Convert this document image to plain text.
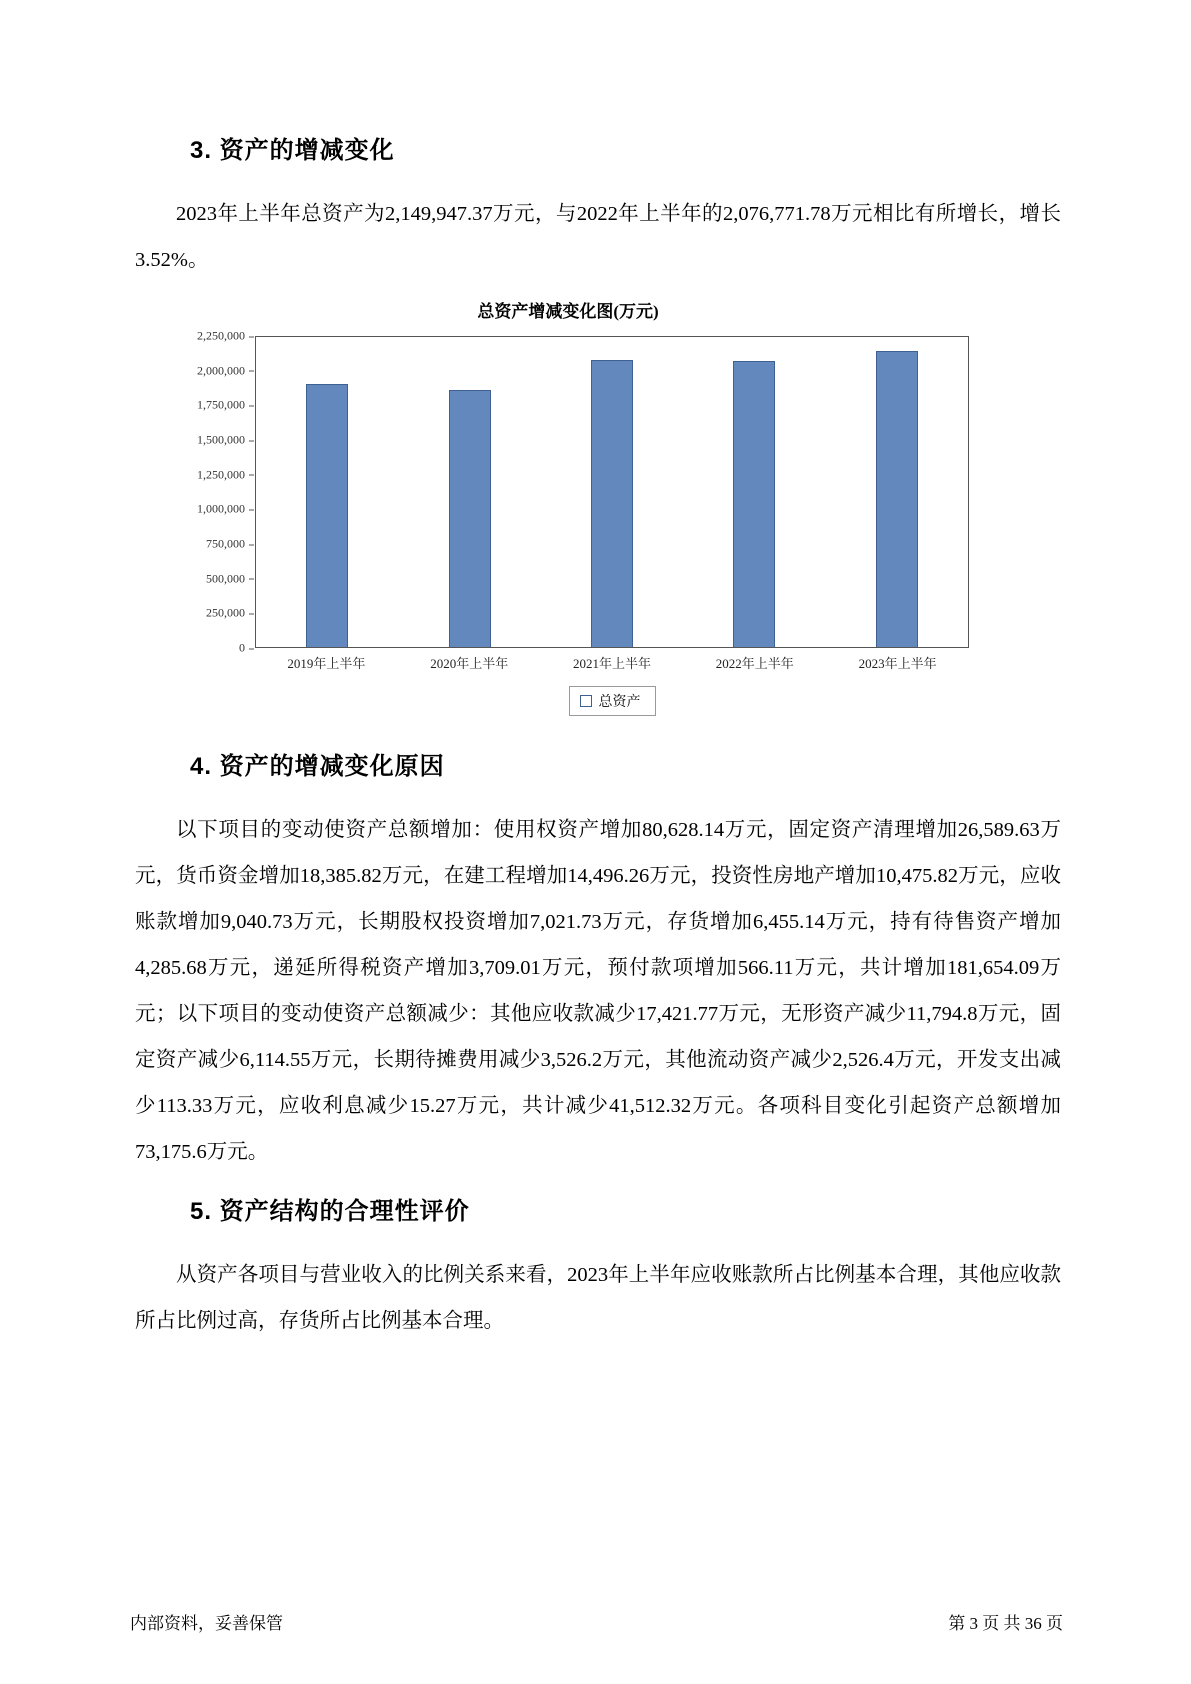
3. 资产的增减变化

2023年上半年总资产为2,149,947.37万元，与2022年上半年的2,076,771.78万元相比有所增长，增长3.52%。

总资产增减变化图(万元)
0
250,000
500,000
750,000
1,000,000
1,250,000
1,500,000
1,750,000
2,000,000
2,250,000
2019年上半年	2020年上半年	2021年上半年	2022年上半年	2023年上半年
总资产
4. 资产的增减变化原因

以下项目的变动使资产总额增加：使用权资产增加80,628.14万元，固定资产清理增加26,589.63万元，货币资金增加18,385.82万元，在建工程增加14,496.26万元，投资性房地产增加10,475.82万元，应收账款增加9,040.73万元，长期股权投资增加7,021.73万元，存货增加6,455.14万元，持有待售资产增加4,285.68万元，递延所得税资产增加3,709.01万元，预付款项增加566.11万元，共计增加181,654.09万元；以下项目的变动使资产总额减少：其他应收款减少17,421.77万元，无形资产减少11,794.8万元，固定资产减少6,114.55万元，长期待摊费用减少3,526.2万元，其他流动资产减少2,526.4万元，开发支出减少113.33万元，应收利息减少15.27万元，共计减少41,512.32万元。各项科目变化引起资产总额增加73,175.6万元。

5. 资产结构的合理性评价

从资产各项目与营业收入的比例关系来看，2023年上半年应收账款所占比例基本合理，其他应收款所占比例过高，存货所占比例基本合理。

内部资料，妥善保管	第 3 页 共 36 页
